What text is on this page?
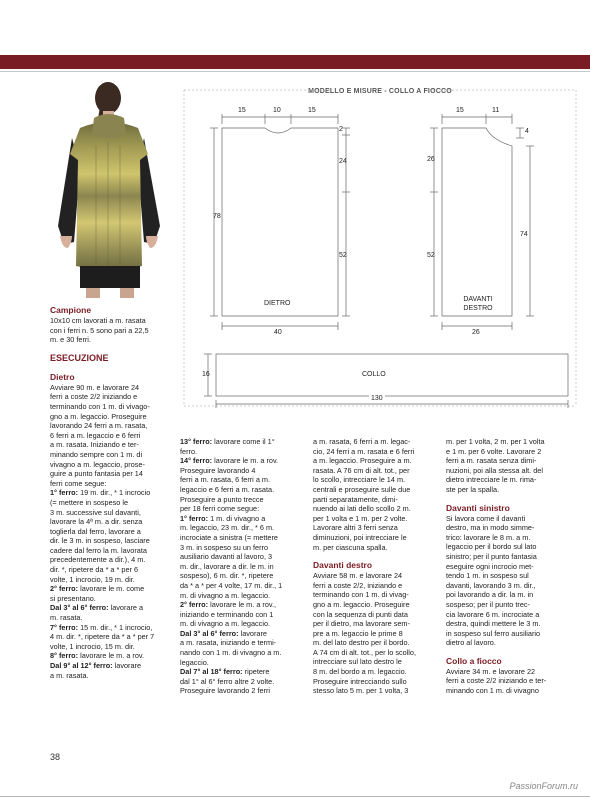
MODELLO E MISURE - COLLO A FIOCCO
15	10	15
2
24
52
78
DIETRO
40
15	11
4
26
52
74
DAVANTI
DESTRO
26
16	COLLO
130
Campione

10x10 cm lavorati a m. rasata

con i ferri n. 5 sono pari a 22,5

m. e 30 ferri.

ESECUZIONE
Dietro

Avviare 90 m. e lavorare 24

ferri a coste 2/2 iniziando e

terminando con 1 m. di vivago-

gno a m. legaccio. Proseguire

lavorando 24 ferri a m. rasata,

6 ferri a m. legaccio e 6 ferri

a m. rasata. Iniziando e ter-

minando sempre con 1 m. di

vivagno a m. legaccio, prose-

guire a punto fantasia per 14

ferri come segue:

1° ferro: 19 m. dir., * 1 incrocio

(= mettere in sospeso le

3 m. successive sul davanti,

lavorare la 4ª m. a dir. senza

toglierla dal ferro, lavorare a

dir. le 3 m. in sospeso, lasciare

cadere dal ferro la m. lavorata

precedentemente a dir.), 4 m.

dir. *, ripetere da * a * per 6

volte, 1 incrocio, 19 m. dir.

2° ferro: lavorare le m. come

si presentano.

Dal 3° al 6° ferro: lavorare a

m. rasata.

7° ferro: 15 m. dir., * 1 incrocio,

4 m. dir. *, ripetere da * a * per 7

volte, 1 incrocio, 15 m. dir.

8° ferro: lavorare le m. a rov.

Dal 9° al 12° ferro: lavorare

a m. rasata.

13° ferro: lavorare come il 1°

ferro.

14° ferro: lavorare le m. a rov.

Proseguire lavorando 4

ferri a m. rasata, 6 ferri a m.

legaccio e 6 ferri a m. rasata.

Proseguire a punto trecce

per 18 ferri come segue:

1° ferro: 1 m. di vivagno a

m. legaccio, 23 m. dir., * 6 m.

incrociate a sinistra (= mettere

3 m. in sospeso su un ferro

ausiliario davanti al lavoro, 3

m. dir., lavorare a dir. le m. in

sospeso), 6 m. dir. *, ripetere

da * a * per 4 volte, 17 m. dir., 1

m. di vivagno a m. legaccio.

2° ferro: lavorare le m. a rov.,

iniziando e terminando con 1

m. di vivagno a m. legaccio.

Dal 3° al 6° ferro: lavorare

a m. rasata, iniziando e termi-

nando con 1 m. di vivagno a m.

legaccio.

Dal 7° al 18° ferro: ripetere

dal 1° al 6° ferro altre 2 volte.

Proseguire lavorando 2 ferri

a m. rasata, 6 ferri a m. legac-

cio, 24 ferri a m. rasata e 6 ferri

a m. legaccio. Proseguire a m.

rasata. A 76 cm di alt. tot., per

lo scollo, intrecciare le 14 m.

centrali e proseguire sulle due

parti separatamente, dimi-

nuendo ai lati dello scollo 2 m.

per 1 volta e 1 m. per 2 volte.

Lavorare altri 3 ferri senza

diminuzioni, poi intrecciare le

m. per ciascuna spalla.

Davanti destro

Avviare 58 m. e lavorare 24

ferri a coste 2/2, iniziando e

terminando con 1 m. di vivag-

gno a m. legaccio. Proseguire

con la sequenza di punti data

per il dietro, ma lavorare sem-

pre a m. legaccio le prime 8

m. del lato destro per il bordo.

A 74 cm di alt. tot., per lo scollo,

intrecciare sul lato destro le

8 m. del bordo a m. legaccio.

Proseguire intrecciando sullo

stesso lato 5 m. per 1 volta, 3

m. per 1 volta, 2 m. per 1 volta

e 1 m. per 6 volte. Lavorare 2

ferri a m. rasata senza dimi-

nuzioni, poi alla stessa alt. del

dietro intrecciare le m. rima-

ste per la spalla.

Davanti sinistro

Si lavora come il davanti

destro, ma in modo simme-

trico: lavorare le 8 m. a m.

legaccio per il bordo sul lato

sinistro; per il punto fantasia

eseguire ogni incrocio met-

tendo 1 m. in sospeso sul

davanti, lavorando 3 m. dir.,

poi lavorando a dir. la m. in

sospeso; per il punto trec-

cia lavorare 6 m. incrociate a

destra, quindi mettere le 3 m.

in sospeso sul ferro ausiliario

dietro al lavoro.

Collo a fiocco

Avviare 34 m. e lavorare 22

ferri a coste 2/2 iniziando e ter-

minando con 1 m. di vivagno

38
PassionForum.ru
